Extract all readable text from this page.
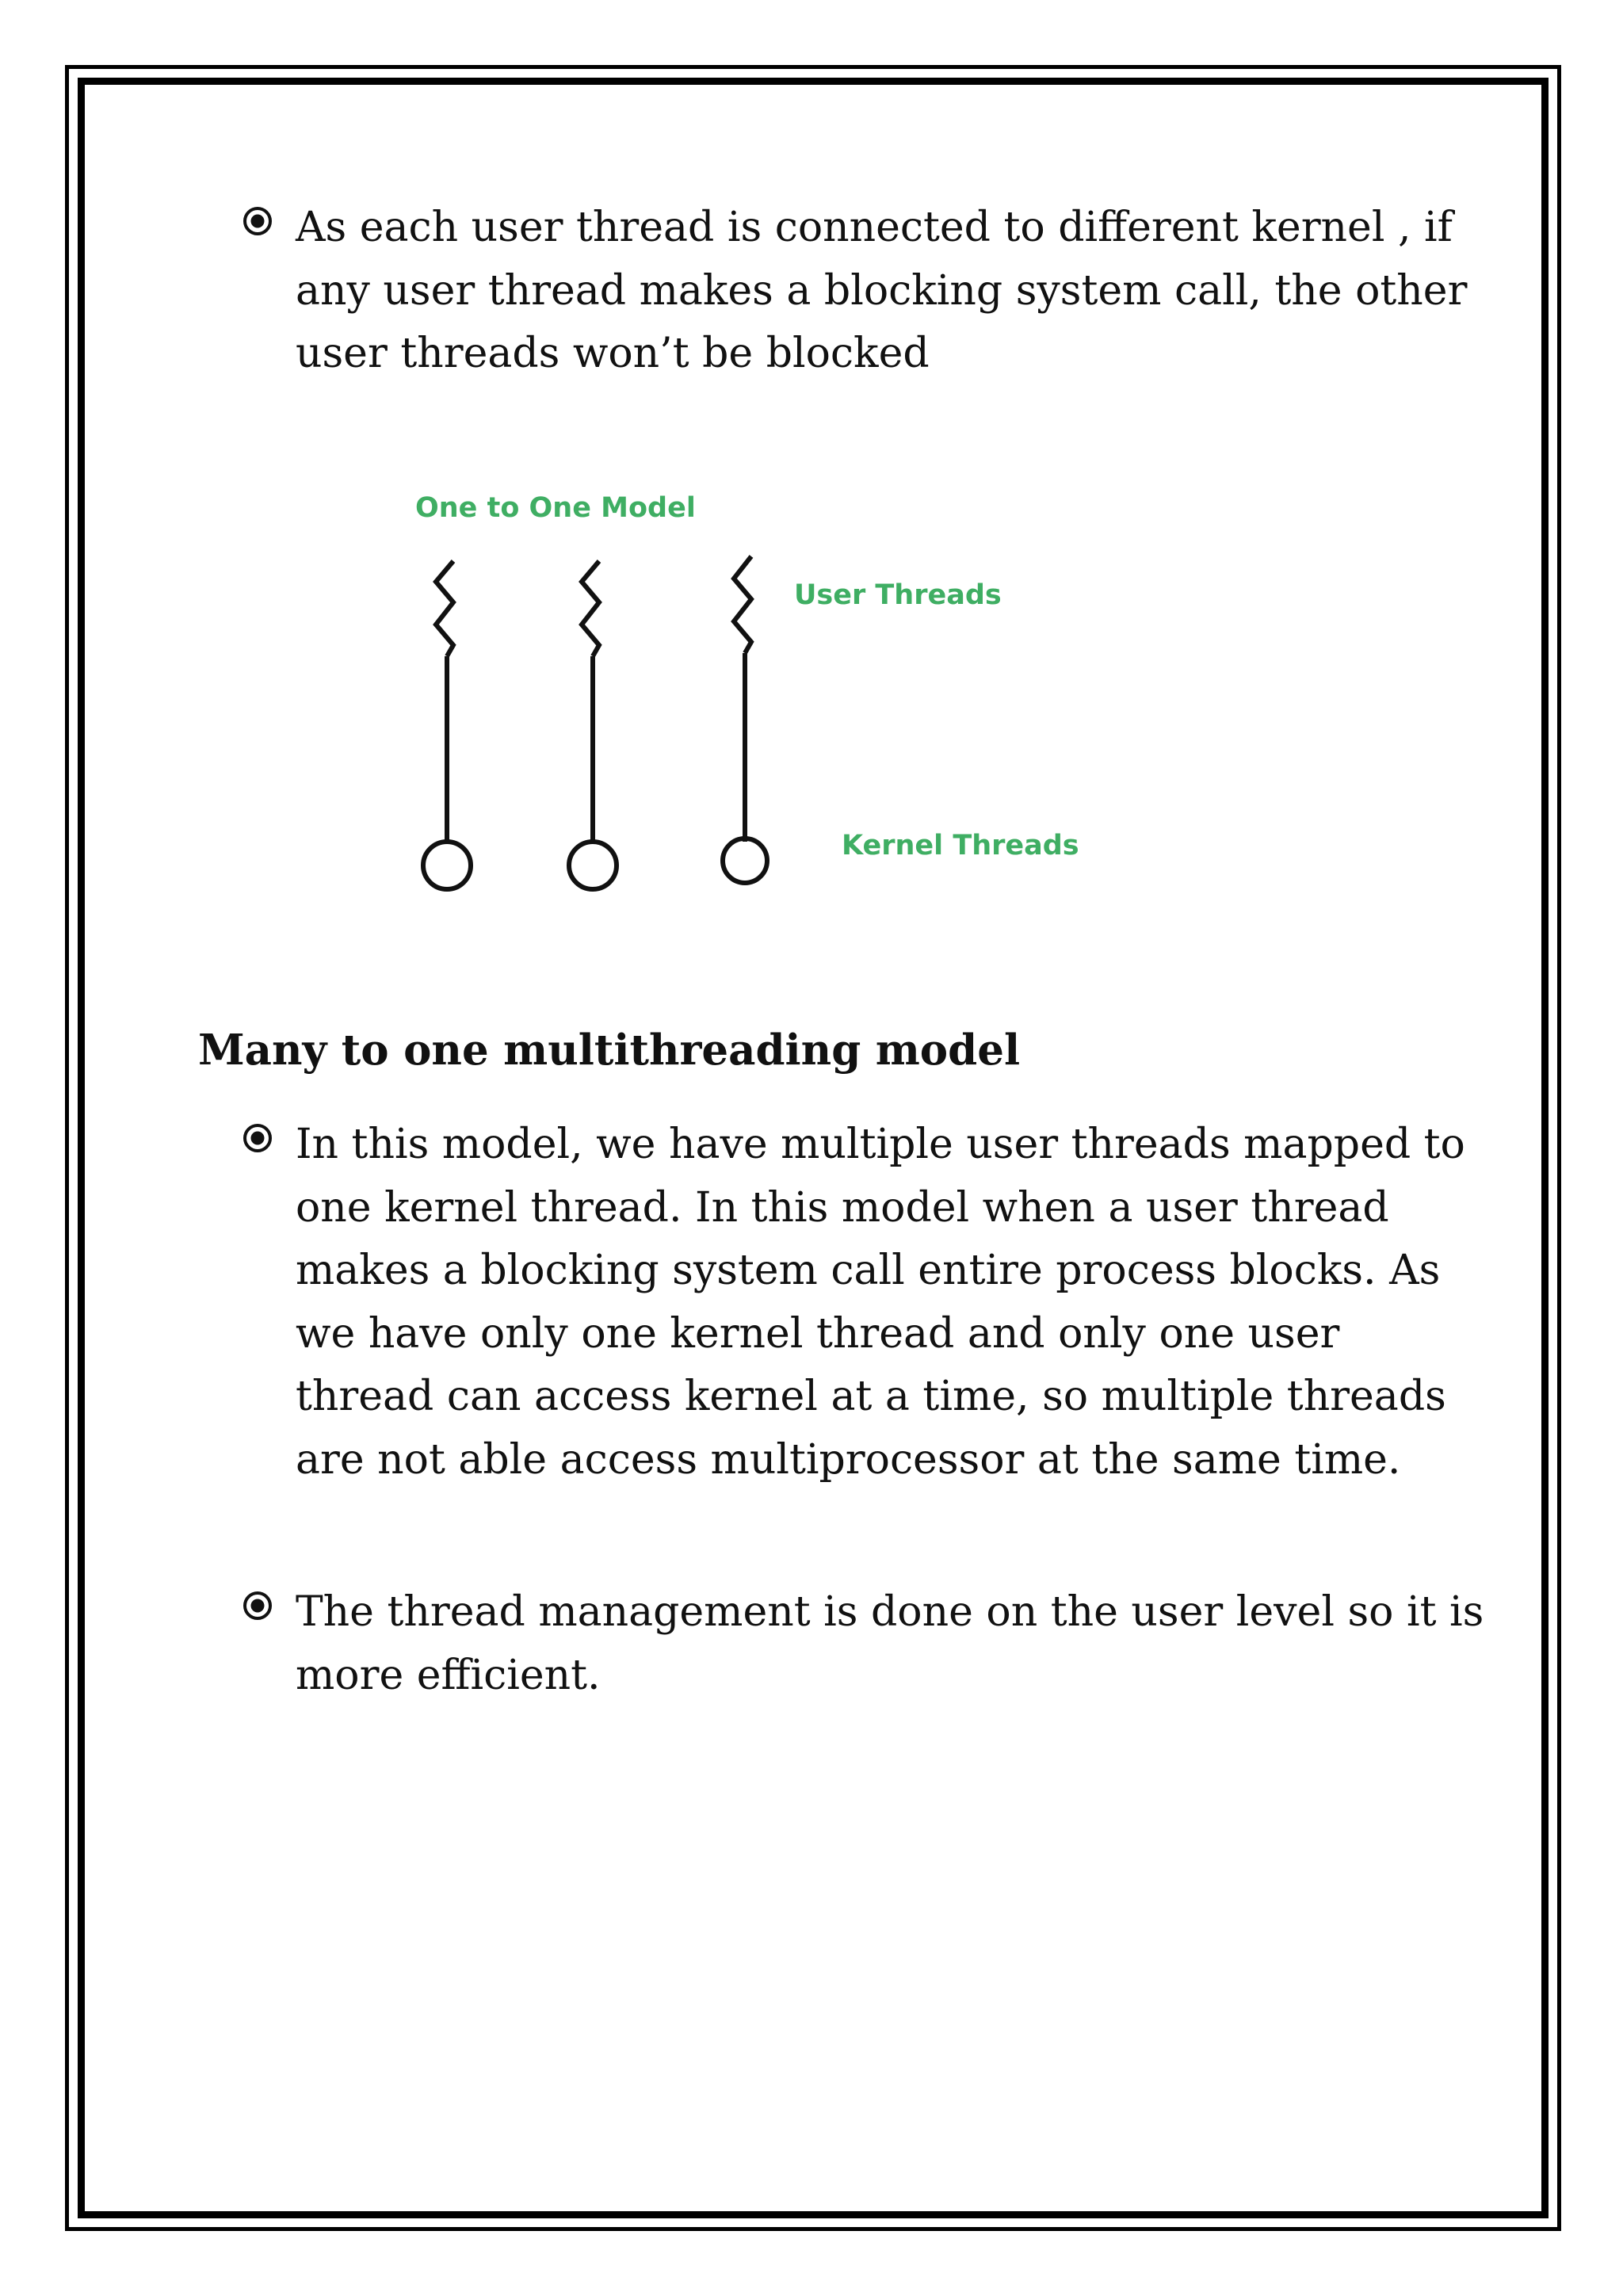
As each user thread is connected to different kernel , if any user thread makes a blocking system call, the other user threads won’t be blocked

One to One Model
User Threads
Kernel Threads
Many to one multithreading model

In this model, we have multiple user threads mapped to one kernel thread. In this model when a user thread makes a blocking system call entire process blocks. As we have only one kernel thread and only one user thread can access kernel at a time, so multiple threads are not able access multiprocessor at the same time.

The thread management is done on the user level so it is more efficient.
